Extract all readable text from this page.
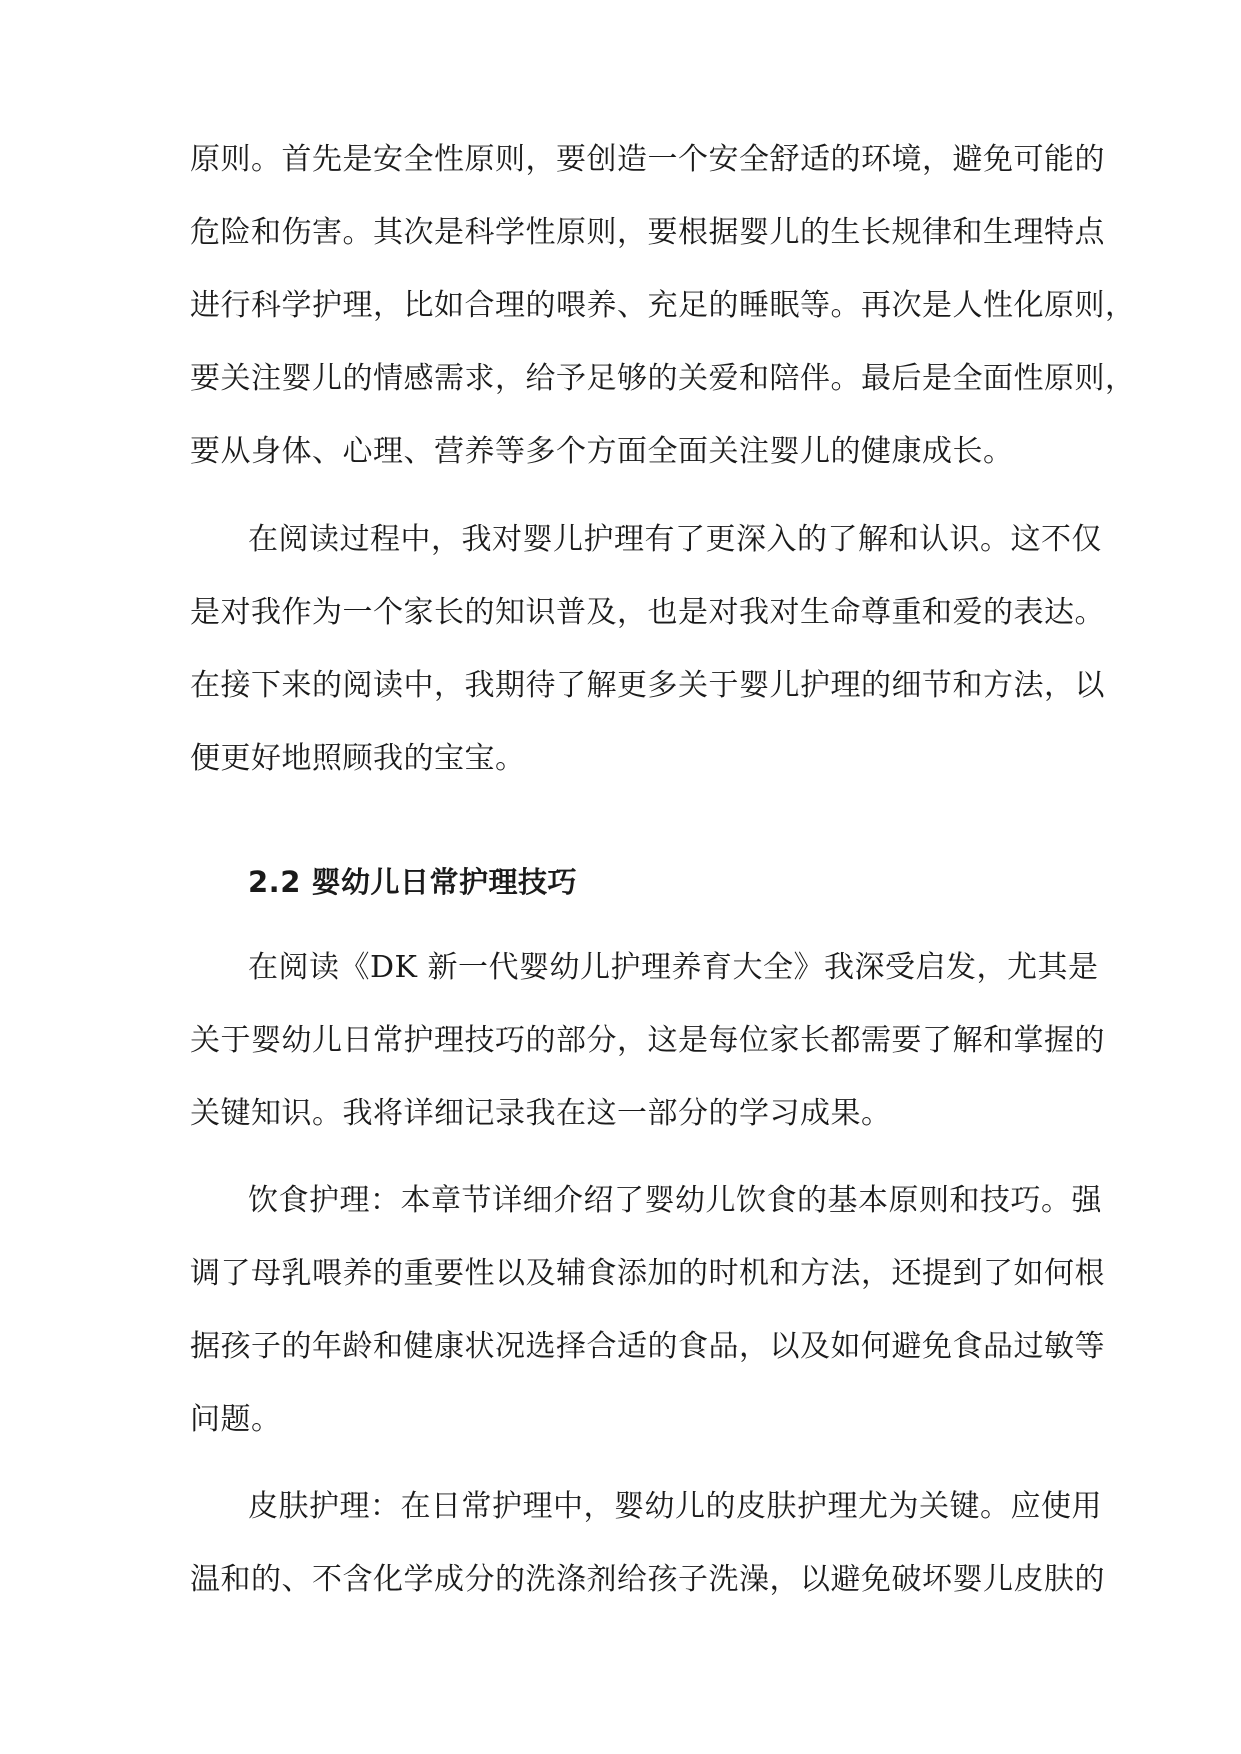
原则。首先是安全性原则，要创造一个安全舒适的环境，避免可能的
危险和伤害。其次是科学性原则，要根据婴儿的生长规律和生理特点
进行科学护理，比如合理的喂养、充足的睡眠等。再次是人性化原则，
要关注婴儿的情感需求，给予足够的关爱和陪伴。最后是全面性原则，
要从身体、心理、营养等多个方面全面关注婴儿的健康成长。
在阅读过程中，我对婴儿护理有了更深入的了解和认识。这不仅
是对我作为一个家长的知识普及，也是对我对生命尊重和爱的表达。
在接下来的阅读中，我期待了解更多关于婴儿护理的细节和方法，以
便更好地照顾我的宝宝。
2.2 婴幼儿日常护理技巧
在阅读《DK 新一代婴幼儿护理养育大全》我深受启发，尤其是
关于婴幼儿日常护理技巧的部分，这是每位家长都需要了解和掌握的
关键知识。我将详细记录我在这一部分的学习成果。
饮食护理：本章节详细介绍了婴幼儿饮食的基本原则和技巧。强
调了母乳喂养的重要性以及辅食添加的时机和方法，还提到了如何根
据孩子的年龄和健康状况选择合适的食品，以及如何避免食品过敏等
问题。
皮肤护理：在日常护理中，婴幼儿的皮肤护理尤为关键。应使用
温和的、不含化学成分的洗涤剂给孩子洗澡，以避免破坏婴儿皮肤的
